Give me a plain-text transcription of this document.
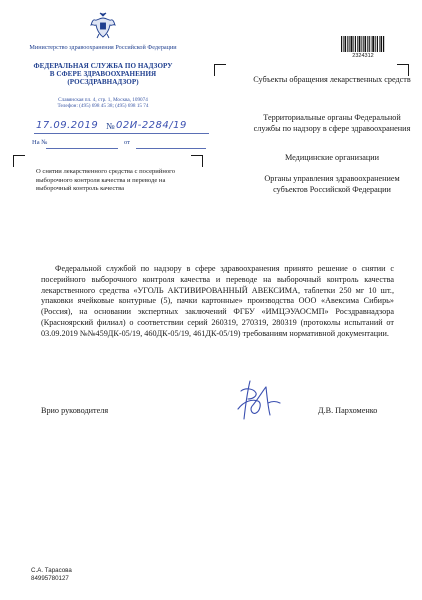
Министерство здравоохранения Российской Федерации
ФЕДЕРАЛЬНАЯ СЛУЖБА ПО НАДЗОРУ
В СФЕРЕ ЗДРАВООХРАНЕНИЯ
(РОСЗДРАВНАДЗОР)
Славянская пл. 4, стр. 1, Москва, 109074
Телефон: (495) 698 45 38; (495) 698 15 74
17.09.2019 № 02И-2284/19
На №	от
2324312
Субъекты обращения лекарственных средств
Территориальные органы Федеральной службы по надзору в сфере здравоохранения
Медицинские организации
Органы управления здравоохранением субъектов Российской Федерации
О снятии лекарственного средства с посерийного выборочного контроля качества и переводе на выборочный контроль качества
Федеральной службой по надзору в сфере здравоохранения принято решение о снятии с посерийного выборочного контроля качества и переводе на выборочный контроль качества лекарственного средства «УГОЛЬ АКТИВИРОВАННЫЙ АВЕКСИМА, таблетки 250 мг 10 шт., упаковки ячейковые контурные (5), пачки картонные» производства ООО «Авексима Сибирь» (Россия), на основании экспертных заключений ФГБУ «ИМЦЭУАОСМП» Росздравнадзора (Красноярский филиал) о соответствии серий 260319, 270319, 280319 (протоколы испытаний от 03.09.2019 №№459ДК-05/19, 460ДК-05/19, 461ДК-05/19) требованиям нормативной документации.
Врио руководителя	Д.В. Пархоменко
С.А. Тарасова
84995780127
